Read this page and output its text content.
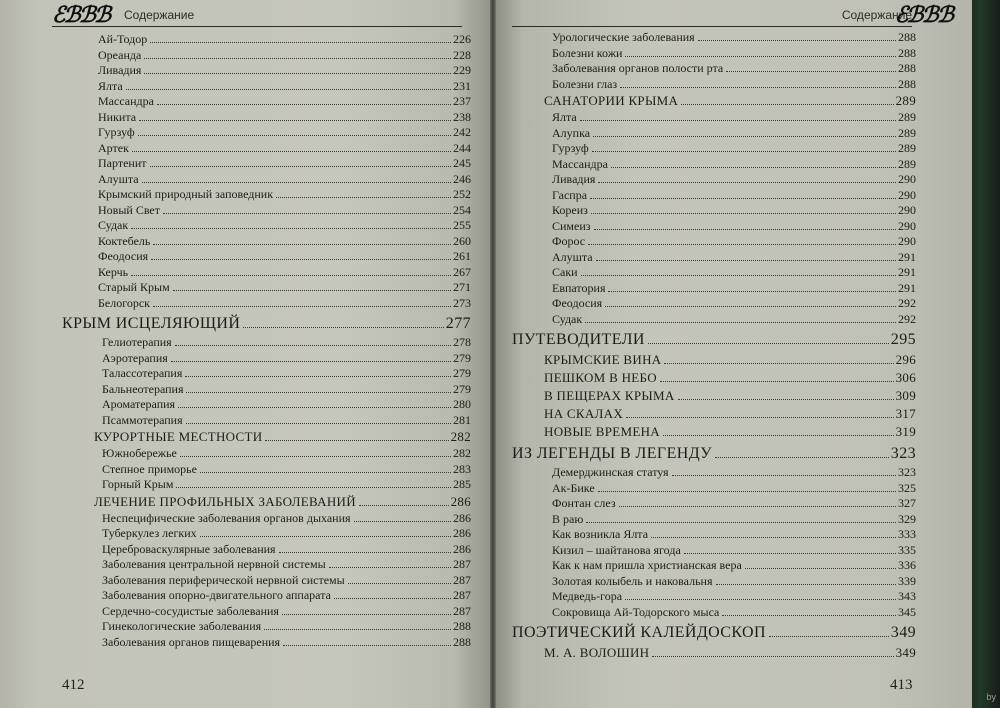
ℰℬℬℬ Содержание	Содержание
ℰℬℬℬ
Ай-Тодор	226
Ореанда	228
Ливадия	229
Ялта	231
Массандра	237
Никита	238
Гурзуф	242
Артек	244
Партенит	245
Алушта	246
Крымский природный заповедник	252
Новый Свет	254
Судак	255
Коктебель	260
Феодосия	261
Керчь	267
Старый Крым	271
Белогорск	273
КРЫМ ИСЦЕЛЯЮЩИЙ	277
Гелиотерапия	278
Аэротерапия	279
Талассотерапия	279
Бальнеотерапия	279
Ароматерапия	280
Псаммотерапия	281
КУРОРТНЫЕ МЕСТНОСТИ	282
Южнобережье	282
Степное приморье	283
Горный Крым	285
ЛЕЧЕНИЕ ПРОФИЛЬНЫХ ЗАБОЛЕВАНИЙ	286
Неспецифические заболевания органов дыхания	286
Туберкулез легких	286
Цереброваскулярные заболевания	286
Заболевания центральной нервной системы	287
Заболевания периферической нервной системы	287
Заболевания опорно-двигательного аппарата	287
Сердечно-сосудистые заболевания	287
Гинекологические заболевания	288
Заболевания органов пищеварения	288
Урологические заболевания	288
Болезни кожи	288
Заболевания органов полости рта	288
Болезни глаз	288
САНАТОРИИ КРЫМА	289
Ялта	289
Алупка	289
Гурзуф	289
Массандра	289
Ливадия	290
Гаспра	290
Кореиз	290
Симеиз	290
Форос	290
Алушта	291
Саки	291
Евпатория	291
Феодосия	292
Судак	292
ПУТЕВОДИТЕЛИ	295
КРЫМСКИЕ ВИНА	296
ПЕШКОМ В НЕБО	306
В ПЕЩЕРАХ КРЫМА	309
НА СКАЛАХ	317
НОВЫЕ ВРЕМЕНА	319
ИЗ ЛЕГЕНДЫ В ЛЕГЕНДУ	323
Демерджинская статуя	323
Ак-Бике	325
Фонтан слез	327
В раю	329
Как возникла Ялта	333
Кизил – шайтанова ягода	335
Как к нам пришла христианская вера	336
Золотая колыбель и наковальня	339
Медведь-гора	343
Сокровища Ай-Тодорского мыса	345
ПОЭТИЧЕСКИЙ КАЛЕЙДОСКОП	349
М. А. ВОЛОШИН	349
412	413
by
